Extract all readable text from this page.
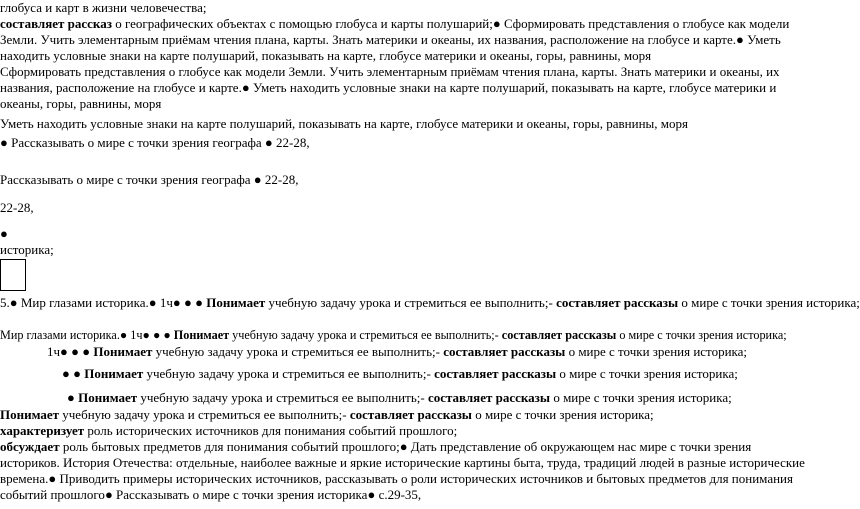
глобуса и карт в жизни человечества;
составляет рассказ о географических объектах с помощью глобуса и карты полушарий;● Сформировать представления о глобусе как модели Земли. Учить элементарным приёмам чтения плана, карты. Знать материки и океаны, их названия, расположение на глобусе и карте.● Уметь находить условные знаки на карте полушарий, показывать на карте, глобусе материки и океаны, горы, равнины, моря
Сформировать представления о глобусе как модели Земли. Учить элементарным приёмам чтения плана, карты. Знать материки и океаны, их названия, расположение на глобусе и карте.● Уметь находить условные знаки на карте полушарий, показывать на карте, глобусе материки и океаны, горы, равнины, моря
Уметь находить условные знаки на карте полушарий, показывать на карте, глобусе материки и океаны, горы, равнины, моря
● Рассказывать о мире с точки зрения географа ● 22-28,
Рассказывать о мире с точки зрения географа ● 22-28,
22-28,
●
историка;
5.● Мир глазами историка.● 1ч● ● ● Понимает учебную задачу урока и стремиться ее выполнить;- составляет рассказы о мире с точки зрения историка;
Мир глазами историка.● 1ч● ● ● Понимает учебную задачу урока и стремиться ее выполнить;- составляет рассказы о мире с точки зрения историка;
1ч● ● ● Понимает учебную задачу урока и стремиться ее выполнить;- составляет рассказы о мире с точки зрения историка;
● ● Понимает учебную задачу урока и стремиться ее выполнить;- составляет рассказы о мире с точки зрения историка;
● Понимает учебную задачу урока и стремиться ее выполнить;- составляет рассказы о мире с точки зрения историка;
Понимает учебную задачу урока и стремиться ее выполнить;- составляет рассказы о мире с точки зрения историка;
характеризует роль исторических источников для понимания событий прошлого;
обсуждает роль бытовых предметов для понимания событий прошлого;● Дать представление об окружающем нас мире с точки зрения историков. История Отечества: отдельные, наиболее важные и яркие исторические картины быта, труда, традиций людей в разные исторические времена.● Приводить примеры исторических источников, рассказывать о роли исторических источников и бытовых предметов для понимания событий прошлого● Рассказывать о мире с точки зрения историка● с.29-35,
